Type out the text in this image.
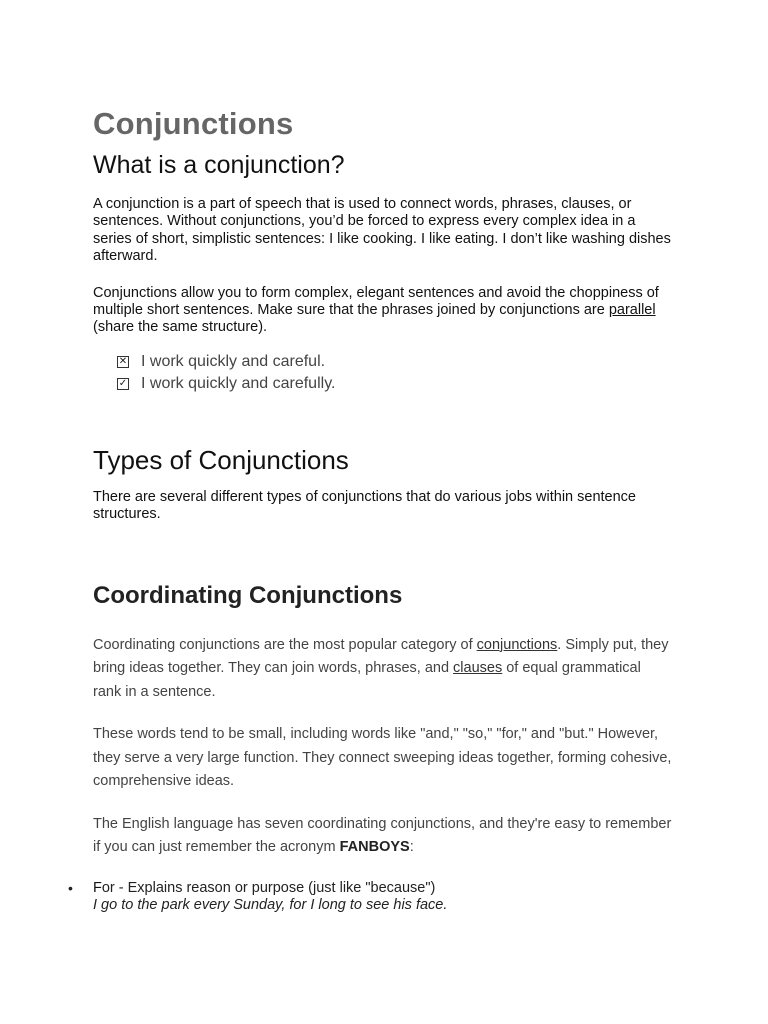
Conjunctions
What is a conjunction?

A conjunction is a part of speech that is used to connect words, phrases, clauses, or sentences. Without conjunctions, you’d be forced to express every complex idea in a series of short, simplistic sentences: I like cooking. I like eating. I don’t like washing dishes afterward.

Conjunctions allow you to form complex, elegant sentences and avoid the choppiness of multiple short sentences. Make sure that the phrases joined by conjunctions are parallel (share the same structure).

✕ I work quickly and careful.
✓ I work quickly and carefully.
Types of Conjunctions

There are several different types of conjunctions that do various jobs within sentence structures.

Coordinating Conjunctions

Coordinating conjunctions are the most popular category of conjunctions. Simply put, they bring ideas together. They can join words, phrases, and clauses of equal grammatical rank in a sentence.

These words tend to be small, including words like "and," "so," "for," and "but." However, they serve a very large function. They connect sweeping ideas together, forming cohesive, comprehensive ideas.

The English language has seven coordinating conjunctions, and they're easy to remember if you can just remember the acronym FANBOYS:

• For - Explains reason or purpose (just like "because")
I go to the park every Sunday, for I long to see his face.
